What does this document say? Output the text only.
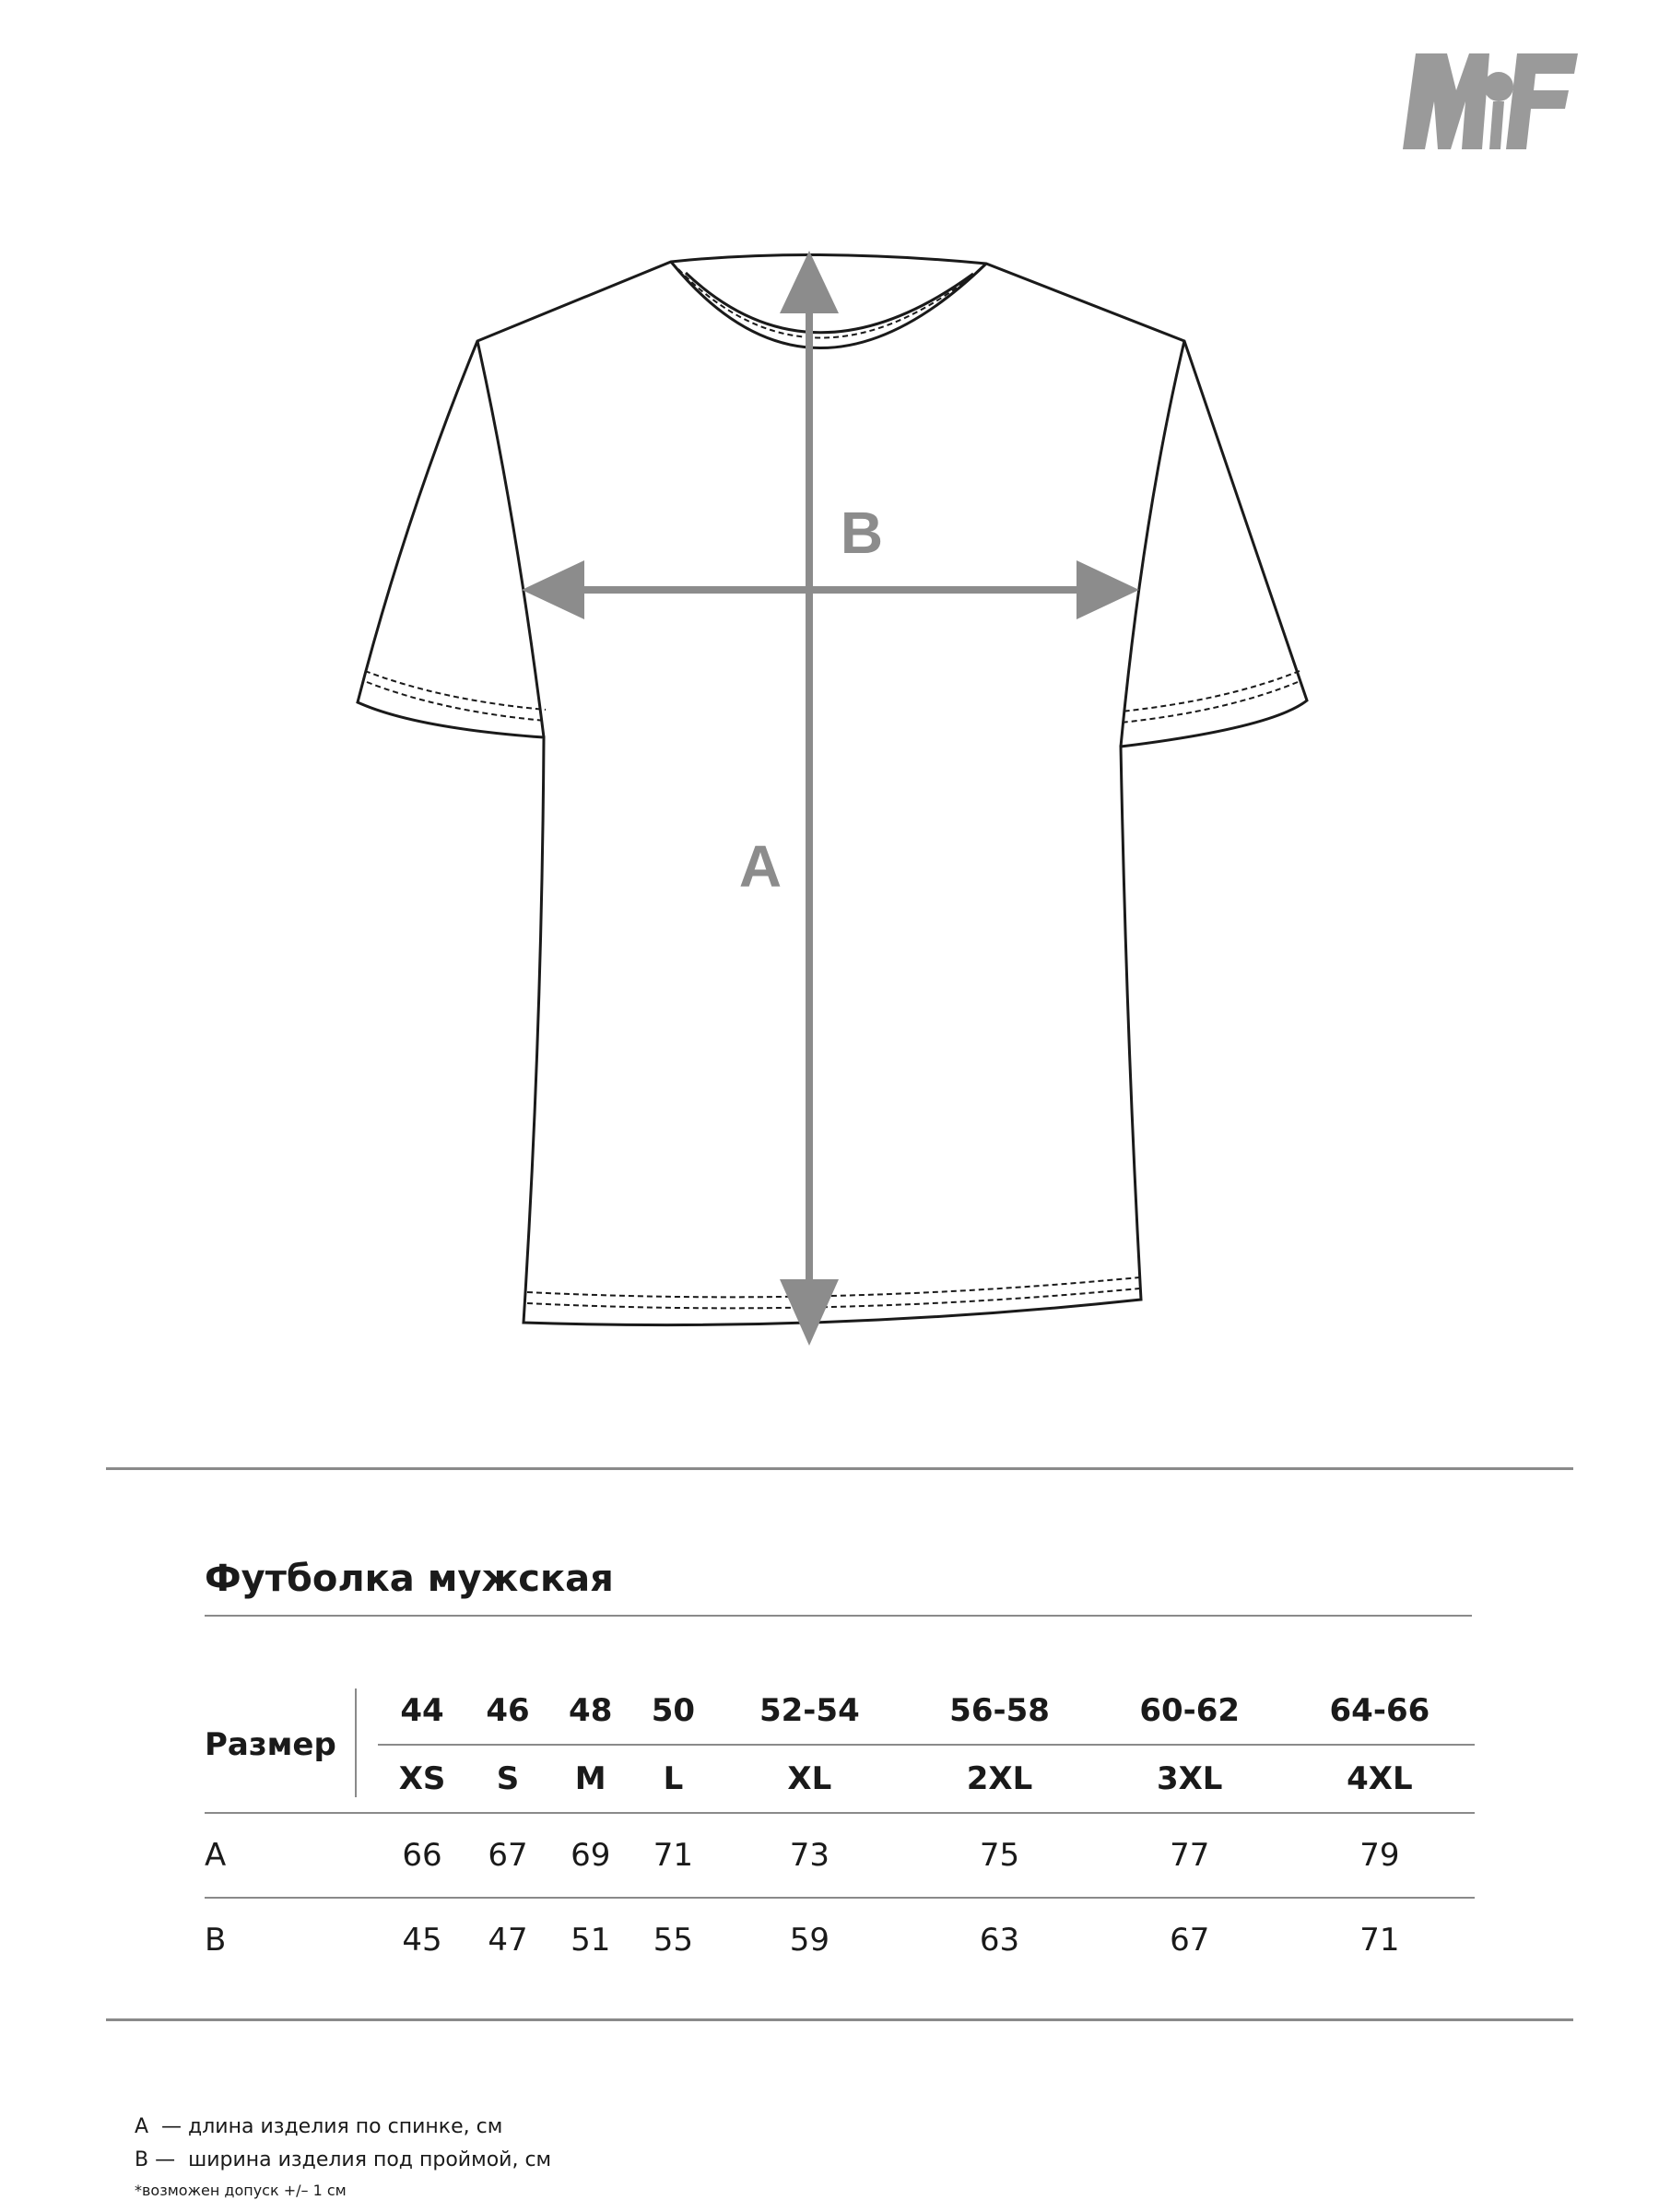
B
A
Футболка мужская
Размер		44	46	48	50	52-54	56-58	60-62	64-66
		XS	S	M	L	XL	2XL	3XL	4XL
A		66	67	69	71	73	75	77	79
B		45	47	51	55	59	63	67	71
A  — длина изделия по спинке, см
B —  ширина изделия под проймой, см
*возможен допуск +/– 1 см
